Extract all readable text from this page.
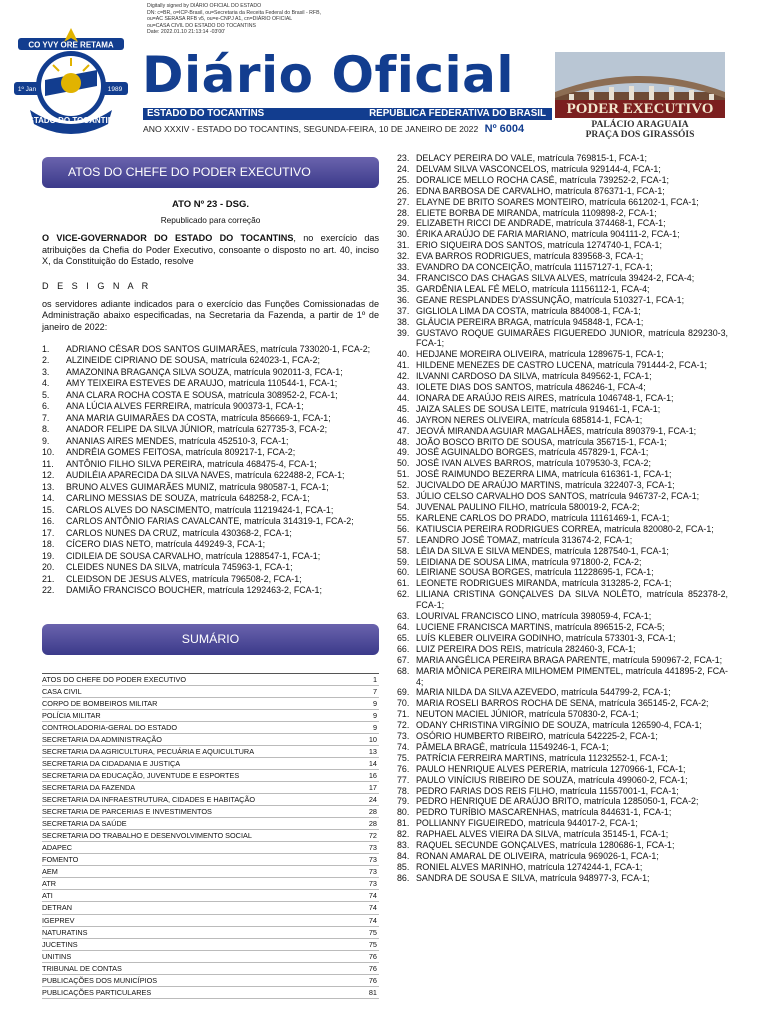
CO YVY ORE RETAMA
1º Jan	1989
ESTADO DO TOCANTINS
Digitally signed by DIÁRIO OFICIAL DO ESTADO
DN: c=BR, o=ICP-Brasil, ou=Secretaria da Receita Federal do Brasil - RFB,
ou=AC SERASA RFB v5, ou=e-CNPJ A1, cn=DIÁRIO OFICIAL
ou=CASA CIVIL DO ESTADO DO TOCANTINS
Date: 2022.01.10 21:13:14 -03'00'
Diário Oficial
ESTADO DO TOCANTINS	REPÚBLICA FEDERATIVA DO BRASIL
ANO XXXIV - ESTADO DO TOCANTINS, SEGUNDA-FEIRA, 10 DE JANEIRO DE 2022 Nº 6004
PODER EXECUTIVO
PALÁCIO ARAGUAIA
PRAÇA DOS GIRASSÓIS
ATOS DO CHEFE DO PODER EXECUTIVO
ATO Nº 23 - DSG.
Republicado para correção
O VICE-GOVERNADOR DO ESTADO DO TOCANTINS, no exercício das atribuições da Chefia do Poder Executivo, consoante o disposto no art. 40, inciso X, da Constituição do Estado, resolve
D E S I G N A R
os servidores adiante indicados para o exercício das Funções Comissionadas de Administração abaixo especificadas, na Secretaria da Fazenda, a partir de 1º de janeiro de 2022:
1.	ADRIANO CÉSAR DOS SANTOS GUIMARÃES, matrícula 733020-1, FCA-2;
2.	ALZINEIDE CIPRIANO DE SOUSA, matrícula 624023-1, FCA-2;
3.	AMAZONINA BRAGANÇA SILVA SOUZA, matrícula 902011-3, FCA-1;
4.	AMY TEIXEIRA ESTEVES DE ARAUJO, matrícula 110544-1, FCA-1;
5.	ANA CLARA ROCHA COSTA E SOUSA, matrícula 308952-2, FCA-1;
6.	ANA LÚCIA ALVES FERREIRA, matrícula 900373-1, FCA-1;
7.	ANA MARIA GUIMARÃES DA COSTA, matrícula 856669-1, FCA-1;
8.	ANADOR FELIPE DA SILVA JÚNIOR, matrícula 627735-3, FCA-2;
9.	ANANIAS AIRES MENDES, matrícula 452510-3, FCA-1;
10.	ANDRÉIA GOMES FEITOSA, matrícula 809217-1, FCA-2;
11.	ANTÔNIO FILHO SILVA PEREIRA, matrícula 468475-4, FCA-1;
12.	AUDILÉIA APARECIDA DA SILVA NAVES, matrícula 622488-2, FCA-1;
13.	BRUNO ALVES GUIMARÃES MUNIZ, matrícula 980587-1, FCA-1;
14.	CARLINO MESSIAS DE SOUZA, matrícula 648258-2, FCA-1;
15.	CARLOS ALVES DO NASCIMENTO, matrícula 11219424-1, FCA-1;
16.	CARLOS ANTÔNIO FARIAS CAVALCANTE, matrícula 314319-1, FCA-2;
17.	CARLOS NUNES DA CRUZ, matrícula 430368-2, FCA-1;
18.	CÍCERO DIAS NETO, matrícula 449249-3, FCA-1;
19.	CIDILEIA DE SOUSA CARVALHO, matrícula 1288547-1, FCA-1;
20.	CLEIDES NUNES DA SILVA, matrícula 745963-1, FCA-1;
21.	CLEIDSON DE JESUS ALVES, matrícula 796508-2, FCA-1;
22.	DAMIÃO FRANCISCO BOUCHER, matrícula 1292463-2, FCA-1;
SUMÁRIO
ATOS DO CHEFE DO PODER EXECUTIVO	1
CASA CIVIL	7
CORPO DE BOMBEIROS MILITAR	9
POLÍCIA MILITAR	9
CONTROLADORIA-GERAL DO ESTADO	9
SECRETARIA DA ADMINISTRAÇÃO	10
SECRETARIA DA AGRICULTURA, PECUÁRIA E AQUICULTURA	13
SECRETARIA DA CIDADANIA E JUSTIÇA	14
SECRETARIA DA EDUCAÇÃO, JUVENTUDE E ESPORTES	16
SECRETARIA DA FAZENDA	17
SECRETARIA DA INFRAESTRUTURA, CIDADES E HABITAÇÃO	24
SECRETARIA DE PARCERIAS E INVESTIMENTOS	28
SECRETARIA DA SAÚDE	28
SECRETARIA DO TRABALHO E DESENVOLVIMENTO SOCIAL	72
ADAPEC	73
FOMENTO	73
AEM	73
ATR	73
ATI	74
DETRAN	74
IGEPREV	74
NATURATINS	75
JUCETINS	75
UNITINS	76
TRIBUNAL DE CONTAS	76
PUBLICAÇÕES DOS MUNICÍPIOS	76
PUBLICAÇÕES PARTICULARES	81
23. DELACY PEREIRA DO VALE, matrícula 769815-1, FCA-1;
24. DELVAM SILVA VASCONCELOS, matrícula 929144-4, FCA-1;
25. DORALICE MELLO ROCHA CASÉ, matrícula 739252-2, FCA-1;
26. EDNA BARBOSA DE CARVALHO, matrícula 876371-1, FCA-1;
27. ELAYNE DE BRITO SOARES MONTEIRO, matrícula 661202-1, FCA-1;
28. ELIETE BORBA DE MIRANDA, matrícula 1109898-2, FCA-1;
29. ELIZABETH RICCI DE ANDRADE, matrícula 374468-1, FCA-1;
30. ÉRIKA ARAÚJO DE FARIA MARIANO, matrícula 904111-2, FCA-1;
31. ERIO SIQUEIRA DOS SANTOS, matrícula 1274740-1, FCA-1;
32. EVA BARROS RODRIGUES, matrícula 839568-3, FCA-1;
33. EVANDRO DA CONCEIÇÃO, matrícula 11157127-1, FCA-1;
34. FRANCISCO DAS CHAGAS SILVA ALVES, matrícula 39424-2, FCA-4;
35. GARDÊNIA LEAL FÉ MELO, matrícula 11156112-1, FCA-4;
36. GEANE RESPLANDES D'ASSUNÇÃO, matrícula 510327-1, FCA-1;
37. GIGLIOLA LIMA DA COSTA, matrícula 884008-1, FCA-1;
38. GLÁUCIA PEREIRA BRAGA, matrícula 945848-1, FCA-1;
39. GUSTAVO ROQUE GUIMARÃES FIGUEREDO JUNIOR, matrícula 829230-3, FCA-1;
40. HEDJANE MOREIRA OLIVEIRA, matrícula 1289675-1, FCA-1;
41. HILDENE MENEZES DE CASTRO LUCENA, matrícula 791444-2, FCA-1;
42. ILVANNI CARDOSO DA SILVA, matrícula 849562-1, FCA-1;
43. IOLETE DIAS DOS SANTOS, matrícula 486246-1, FCA-4;
44. IONARA DE ARAÚJO REIS AIRES, matrícula 1046748-1, FCA-1;
45. JAIZA SALES DE SOUSA LEITE, matrícula 919461-1, FCA-1;
46. JAYRON NERES OLIVEIRA, matrícula 685814-1, FCA-1;
47. JEOVÁ MIRANDA AGUIAR MAGALHÃES, matrícula 890379-1, FCA-1;
48. JOÃO BOSCO BRITO DE SOUSA, matrícula 356715-1, FCA-1;
49. JOSÉ AGUINALDO BORGES, matrícula 457829-1, FCA-1;
50. JOSÉ IVAN ALVES BARROS, matrícula 1079530-3, FCA-2;
51. JOSÉ RAIMUNDO BEZERRA LIMA, matrícula 616361-1, FCA-1;
52. JUCIVALDO DE ARAÚJO MARTINS, matrícula 322407-3, FCA-1;
53. JÚLIO CELSO CARVALHO DOS SANTOS, matrícula 946737-2, FCA-1;
54. JUVENAL PAULINO FILHO, matrícula 580019-2, FCA-2;
55. KARLENE CARLOS DO PRADO, matrícula 11161469-1, FCA-1;
56. KATIUSCIA PEREIRA RODRIGUES CORREA, matrícula 820080-2, FCA-1;
57. LEANDRO JOSÉ TOMAZ, matrícula 313674-2, FCA-1;
58. LÉIA DA SILVA E SILVA MENDES, matrícula 1287540-1, FCA-1;
59. LEIDIANA DE SOUSA LIMA, matrícula 971800-2, FCA-2;
60. LEIRIANE SOUSA BORGES, matrícula 11228695-1, FCA-1;
61. LEONETE RODRIGUES MIRANDA, matrícula 313285-2, FCA-1;
62. LILIANA CRISTINA GONÇALVES DA SILVA NOLÊTO, matrícula 852378-2, FCA-1;
63. LOURIVAL FRANCISCO LINO, matrícula 398059-4, FCA-1;
64. LUCIENE FRANCISCA MARTINS, matrícula 896515-2, FCA-5;
65. LUÍS KLEBER OLIVEIRA GODINHO, matrícula 573301-3, FCA-1;
66. LUIZ PEREIRA DOS REIS, matrícula 282460-3, FCA-1;
67. MARIA ANGÉLICA PEREIRA BRAGA PARENTE, matrícula 590967-2, FCA-1;
68. MARIA MÔNICA PEREIRA MILHOMEM PIMENTEL, matrícula 441895-2, FCA-4;
69. MARIA NILDA DA SILVA AZEVEDO, matrícula 544799-2, FCA-1;
70. MARIA ROSELI BARROS ROCHA DE SENA, matrícula 365145-2, FCA-2;
71. NEUTON MACIEL JÚNIOR, matrícula 570830-2, FCA-1;
72. ODANY CHRISTINA VIRGÍNIO DE SOUZA, matrícula 126590-4, FCA-1;
73. OSÓRIO HUMBERTO RIBEIRO, matrícula 542225-2, FCA-1;
74. PÂMELA BRAGÉ, matrícula 11549246-1, FCA-1;
75. PATRÍCIA FERREIRA MARTINS, matrícula 11232552-1, FCA-1;
76. PAULO HENRIQUE ALVES PERERIA, matrícula 1270966-1, FCA-1;
77. PAULO VINÍCIUS RIBEIRO DE SOUZA, matrícula 499060-2, FCA-1;
78. PEDRO FARIAS DOS REIS FILHO, matrícula 11557001-1, FCA-1;
79. PEDRO HENRIQUE DE ARAÚJO BRITO, matrícula 1285050-1, FCA-2;
80. PEDRO TURÍBIO MASCARENHAS, matrícula 844631-1, FCA-1;
81. POLLIANNY FIGUEIREDO, matrícula 944017-2, FCA-1;
82. RAPHAEL ALVES VIEIRA DA SILVA, matrícula 35145-1, FCA-1;
83. RAQUEL SECUNDE GONÇALVES, matrícula 1280686-1, FCA-1;
84. RONAN AMARAL DE OLIVEIRA, matrícula 969026-1, FCA-1;
85. RONIEL ALVES MARINHO, matrícula 1274244-1, FCA-1;
86. SANDRA DE SOUSA E SILVA, matrícula 948977-3, FCA-1;
